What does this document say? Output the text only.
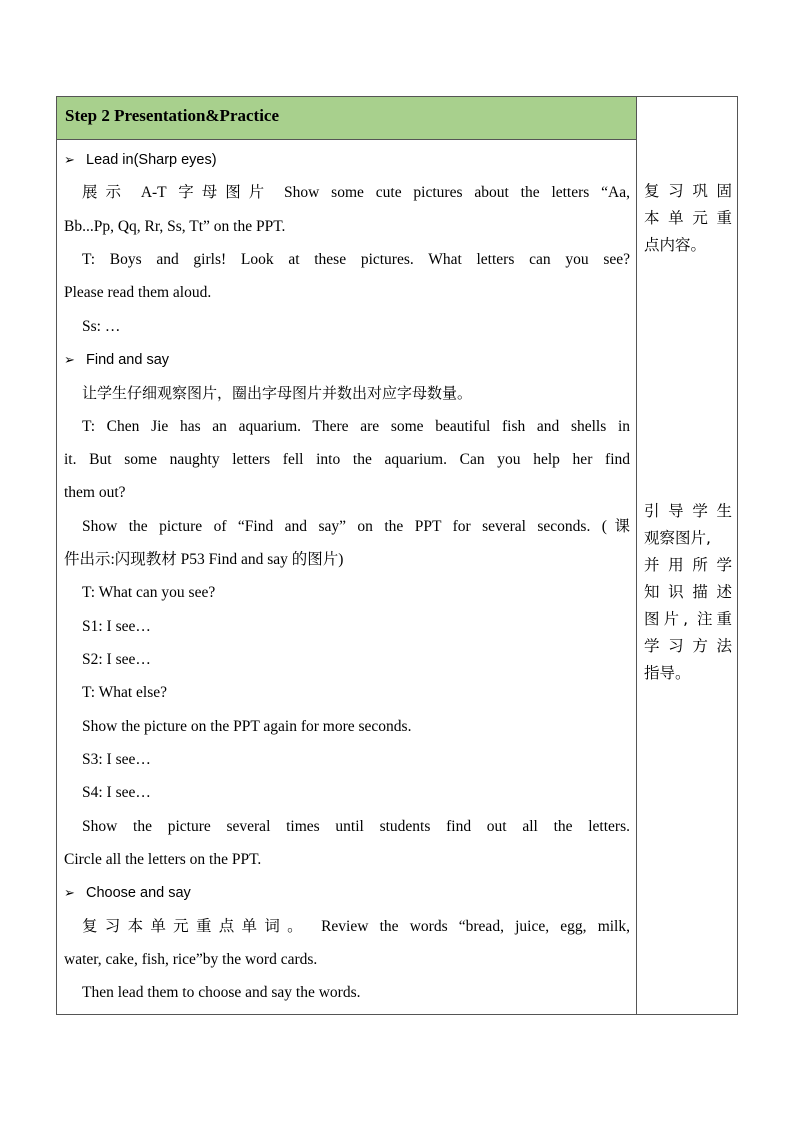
Step 2 Presentation&Practice
➢ Lead in(Sharp eyes)
展示 A-T 字母图片 Show some cute pictures about the letters “Aa,
Bb...Pp, Qq, Rr, Ss, Tt” on the PPT.
T: Boys and girls! Look at these pictures. What letters can you see?
Please read them aloud.
Ss: …
➢ Find and say
让学生仔细观察图片，圈出字母图片并数出对应字母数量。
T: Chen Jie has an aquarium. There are some beautiful fish and shells in
it. But some naughty letters fell into the aquarium. Can you help her find
them out?
Show the picture of “Find and say” on the PPT for several seconds. (课
件出示:闪现教材 P53 Find and say 的图片)
T: What can you see?
S1: I see…
S2: I see…
T: What else?
Show the picture on the PPT again for more seconds.
S3: I see…
S4: I see…
Show the picture several times until students find out all the letters.
Circle all the letters on the PPT.
➢ Choose and say
复习本单元重点单词。 Review the words “bread, juice, egg, milk,
water, cake, fish, rice”by the word cards.
Then lead them to choose and say the words.
复 习 巩 固
本 单 元 重
点内容。
引 导 学 生
观察图片,
并 用 所 学
知 识 描 述
图片, 注重
学 习 方 法
指导。
